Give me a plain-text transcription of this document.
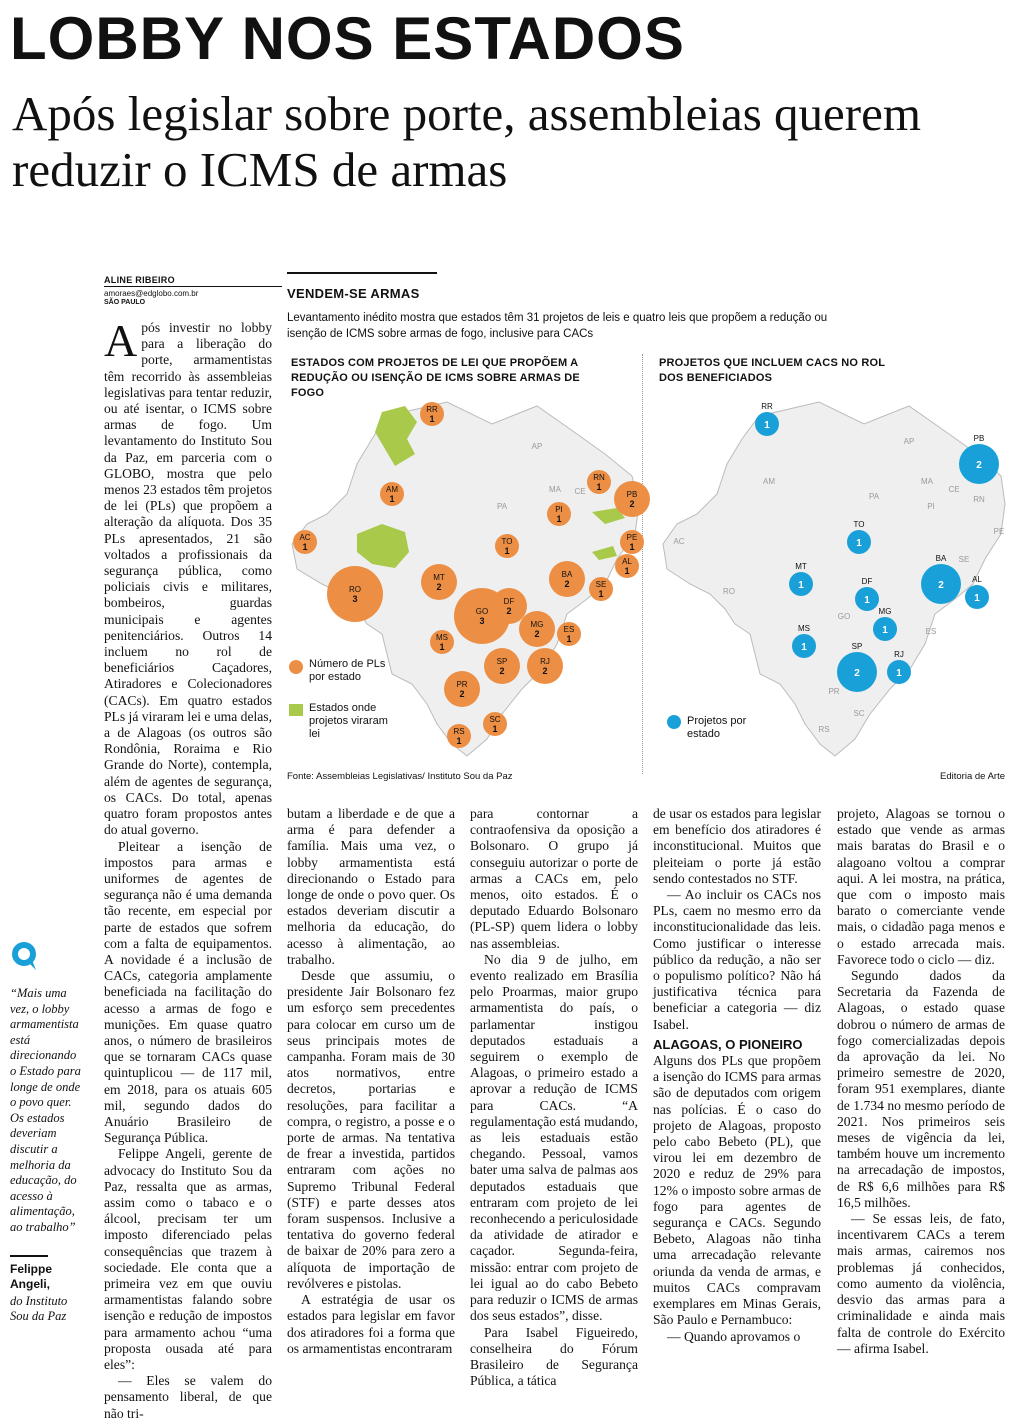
LOBBY NOS ESTADOS
Após legislar sobre porte, assembleias querem reduzir o ICMS de armas
ALINE RIBEIRO
amoraes@edglobo.com.br
SÃO PAULO
VENDEM-SE ARMAS
Levantamento inédito mostra que estados têm 31 projetos de leis e quatro leis que propõem a redução ou isenção de ICMS sobre armas de fogo, inclusive para CACs
ESTADOS COM PROJETOS DE LEI QUE PROPÕEM A REDUÇÃO OU ISENÇÃO DE ICMS SOBRE ARMAS DE FOGO
PROJETOS QUE INCLUEM CACS NO ROL DOS BENEFICIADOS
RR
1
AM
1
AC
1
RO
3
MT
2
PA
AP
MA
PI
1
CE
RN
1
PB
2
PE
1
AL
1
SE
1
BA
2
TO
1
GO
3
DF
2
MG
2	ES
1
RJ
2
SP
2
MS
1
PR
2
SC
1
RS
1
AM
AC
RO
PA
AP
MA
PI
CE
RN
PE
SE
GO
ES
PR
SC
RS
RR
1
PB
2
TO
1
MT
1
BA
2
AL
1
DF
1
MG
1
MS
1	SP
2
RJ
1
Número de PLs por estado
Estados onde projetos viraram lei
Projetos por estado
Fonte: Assembleias Legislativas/ Instituto Sou da Paz	Editoria de Arte
“Mais uma vez, o lobby armamentista está direcionando o Estado para longe de onde o povo quer. Os estados deveriam discutir a melhoria da educação, do acesso à alimentação, ao trabalho”
Felippe Angeli,
do Instituto Sou da Paz

Após investir no lobby para a liberação do porte, armamentistas têm recorrido às assembleias legislativas para tentar reduzir, ou até isentar, o ICMS sobre armas de fogo. Um levantamento do Instituto Sou da Paz, em parceria com o GLOBO, mostra que pelo menos 23 estados têm projetos de lei (PLs) que propõem a alteração da alíquota. Dos 35 PLs apresentados, 21 são voltados a profissionais da segurança pública, como policiais civis e militares, bombeiros, guardas municipais e agentes penitenciários. Outros 14 incluem no rol de beneficiários Caçadores, Atiradores e Colecionadores (CACs). Em quatro estados PLs já viraram lei e uma delas, a de Alagoas (os outros são Rondônia, Roraima e Rio Grande do Norte), contempla, além de agentes de segurança, os CACs. Do total, apenas quatro foram propostos antes do atual governo.

Pleitear a isenção de impostos para armas e uniformes de agentes de segurança não é uma demanda tão recente, em especial por parte de estados que sofrem com a falta de equipamentos. A novidade é a inclusão de CACs, categoria amplamente beneficiada na facilitação do acesso a armas de fogo e munições. Em quase quatro anos, o número de brasileiros que se tornaram CACs quase quintuplicou — de 117 mil, em 2018, para os atuais 605 mil, segundo dados do Anuário Brasileiro de Segurança Pública.

Felippe Angeli, gerente de advocacy do Instituto Sou da Paz, ressalta que as armas, assim como o tabaco e o álcool, precisam ter um imposto diferenciado pelas consequências que trazem à sociedade. Ele conta que a primeira vez em que ouviu armamentistas falando sobre isenção e redução de impostos para armamento achou “uma proposta ousada até para eles”:

— Eles se valem do pensamento liberal, de que não tri-

butam a liberdade e de que a arma é para defender a família. Mais uma vez, o lobby armamentista está direcionando o Estado para longe de onde o povo quer. Os estados deveriam discutir a melhoria da educação, do acesso à alimentação, ao trabalho.

Desde que assumiu, o presidente Jair Bolsonaro fez um esforço sem precedentes para colocar em curso um de seus principais motes de campanha. Foram mais de 30 atos normativos, entre decretos, portarias e resoluções, para facilitar a compra, o registro, a posse e o porte de armas. Na tentativa de frear a investida, partidos entraram com ações no Supremo Tribunal Federal (STF) e parte desses atos foram suspensos. Inclusive a tentativa do governo federal de baixar de 20% para zero a alíquota de importação de revólveres e pistolas.

A estratégia de usar os estados para legislar em favor dos atiradores foi a forma que os armamentistas encontraram

para contornar a contraofensiva da oposição a Bolsonaro. O grupo já conseguiu autorizar o porte de armas a CACs em, pelo menos, oito estados. É o deputado Eduardo Bolsonaro (PL-SP) quem lidera o lobby nas assembleias.

No dia 9 de julho, em evento realizado em Brasília pelo Proarmas, maior grupo armamentista do país, o parlamentar instigou deputados estaduais a seguirem o exemplo de Alagoas, o primeiro estado a aprovar a redução de ICMS para CACs. “A regulamentação está mudando, as leis estaduais estão chegando. Pessoal, vamos bater uma salva de palmas aos deputados estaduais que entraram com projeto de lei reconhecendo a periculosidade da atividade de atirador e caçador. Segunda-feira, missão: entrar com projeto de lei igual ao do cabo Bebeto para reduzir o ICMS de armas dos seus estados”, disse.

Para Isabel Figueiredo, conselheira do Fórum Brasileiro de Segurança Pública, a tática

de usar os estados para legislar em benefício dos atiradores é inconstitucional. Muitos que pleiteiam o porte já estão sendo contestados no STF.

— Ao incluir os CACs nos PLs, caem no mesmo erro da inconstitucionalidade das leis. Como justificar o interesse público da redução, a não ser o populismo político? Não há justificativa técnica para beneficiar a categoria — diz Isabel.

ALAGOAS, O PIONEIRO

Alguns dos PLs que propõem a isenção do ICMS para armas são de deputados com origem nas polícias. É o caso do projeto de Alagoas, proposto pelo cabo Bebeto (PL), que virou lei em dezembro de 2020 e reduz de 29% para 12% o imposto sobre armas de fogo para agentes de segurança e CACs. Segundo Bebeto, Alagoas não tinha uma arrecadação relevante oriunda da venda de armas, e muitos CACs compravam exemplares em Minas Gerais, São Paulo e Pernambuco:

— Quando aprovamos o

projeto, Alagoas se tornou o estado que vende as armas mais baratas do Brasil e o alagoano voltou a comprar aqui. A lei mostra, na prática, que com o imposto mais barato o comerciante vende mais, o cidadão paga menos e o estado arrecada mais. Favorece todo o ciclo — diz.

Segundo dados da Secretaria da Fazenda de Alagoas, o estado quase dobrou o número de armas de fogo comercializadas depois da aprovação da lei. No primeiro semestre de 2020, foram 951 exemplares, diante de 1.734 no mesmo período de 2021. Nos primeiros seis meses de vigência da lei, também houve um incremento na arrecadação de impostos, de R$ 6,6 milhões para R$ 16,5 milhões.

— Se essas leis, de fato, incentivarem CACs a terem mais armas, cairemos nos problemas já conhecidos, como aumento da violência, desvio das armas para a criminalidade e ainda mais falta de controle do Exército — afirma Isabel.
